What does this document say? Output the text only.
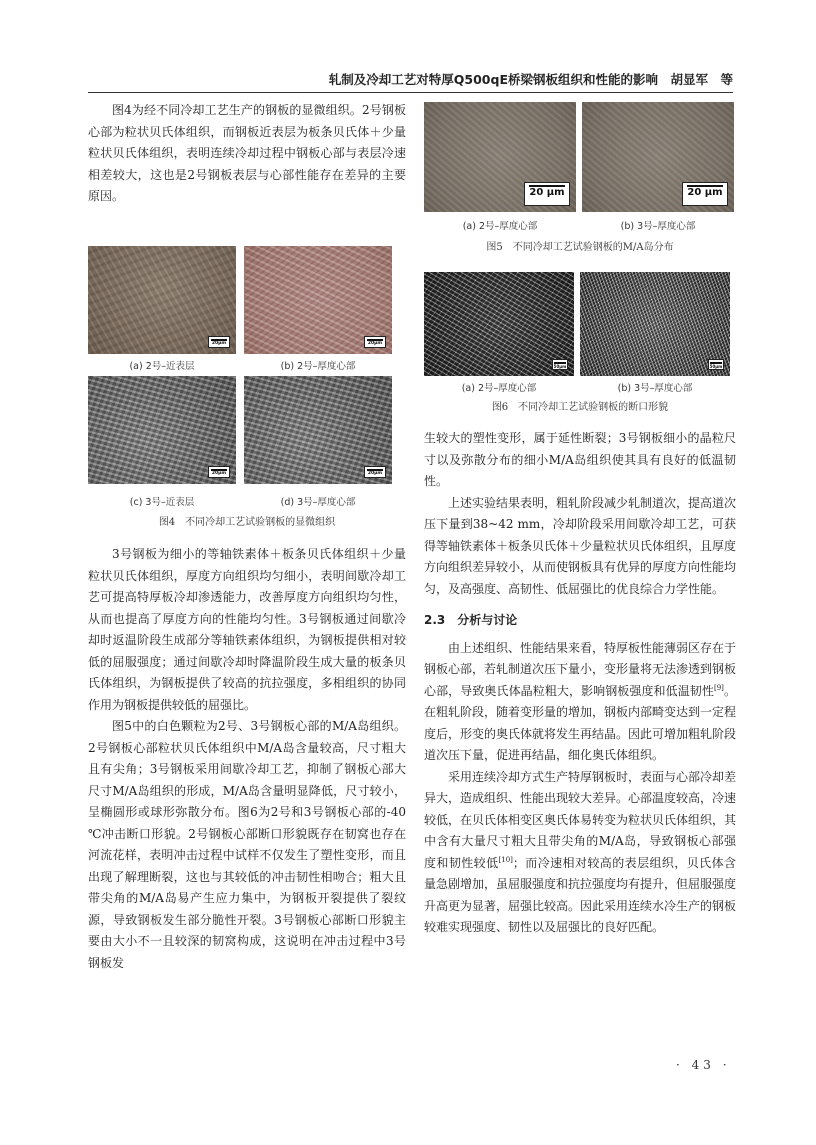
轧制及冷却工艺对特厚Q500qE桥梁钢板组织和性能的影响　胡显军　等

图4为经不同冷却工艺生产的钢板的显微组织。2号钢板心部为粒状贝氏体组织，而钢板近表层为板条贝氏体＋少量粒状贝氏体组织，表明连续冷却过程中钢板心部与表层冷速相差较大，这也是2号钢板表层与心部性能存在差异的主要原因。

20μm	20μm
(a) 2号–近表层	(b) 2号–厚度心部
20μm	20μm
(c) 3号–近表层	(d) 3号–厚度心部
图4　不同冷却工艺试验钢板的显微组织

3号钢板为细小的等轴铁素体＋板条贝氏体组织＋少量粒状贝氏体组织，厚度方向组织均匀细小，表明间歇冷却工艺可提高特厚板冷却渗透能力，改善厚度方向组织均匀性，从而也提高了厚度方向的性能均匀性。3号钢板通过间歇冷却时返温阶段生成部分等轴铁素体组织，为钢板提供相对较低的屈服强度；通过间歇冷却时降温阶段生成大量的板条贝氏体组织，为钢板提供了较高的抗拉强度，多相组织的协同作用为钢板提供较低的屈强比。

图5中的白色颗粒为2号、3号钢板心部的M/A岛组织。2号钢板心部粒状贝氏体组织中M/A岛含量较高，尺寸粗大且有尖角；3号钢板采用间歇冷却工艺，抑制了钢板心部大尺寸M/A岛组织的形成，M/A岛含量明显降低，尺寸较小，呈椭圆形或球形弥散分布。图6为2号和3号钢板心部的-40 ℃冲击断口形貌。2号钢板心部断口形貌既存在韧窝也存在河流花样，表明冲击过程中试样不仅发生了塑性变形，而且出现了解理断裂，这也与其较低的冲击韧性相吻合；粗大且带尖角的M/A岛易产生应力集中，为钢板开裂提供了裂纹源，导致钢板发生部分脆性开裂。3号钢板心部断口形貌主要由大小不一且较深的韧窝构成，这说明在冲击过程中3号钢板发

20 μm	20 μm
(a) 2号–厚度心部	(b) 3号–厚度心部
图5　不同冷却工艺试验钢板的M/A岛分布
50μm	50μm
(a) 2号–厚度心部	(b) 3号–厚度心部
图6　不同冷却工艺试验钢板的断口形貌

生较大的塑性变形，属于延性断裂；3号钢板细小的晶粒尺寸以及弥散分布的细小M/A岛组织使其具有良好的低温韧性。

上述实验结果表明，粗轧阶段减少轧制道次，提高道次压下量到38~42 mm，冷却阶段采用间歇冷却工艺，可获得等轴铁素体＋板条贝氏体＋少量粒状贝氏体组织，且厚度方向组织差异较小，从而使钢板具有优异的厚度方向性能均匀，及高强度、高韧性、低屈强比的优良综合力学性能。

2.3　分析与讨论

由上述组织、性能结果来看，特厚板性能薄弱区存在于钢板心部，若轧制道次压下量小，变形量将无法渗透到钢板心部，导致奥氏体晶粒粗大，影响钢板强度和低温韧性[9]。在粗轧阶段，随着变形量的增加，钢板内部畸变达到一定程度后，形变的奥氏体就将发生再结晶。因此可增加粗轧阶段道次压下量，促进再结晶，细化奥氏体组织。

采用连续冷却方式生产特厚钢板时，表面与心部冷却差异大，造成组织、性能出现较大差异。心部温度较高，冷速较低，在贝氏体相变区奥氏体易转变为粒状贝氏体组织，其中含有大量尺寸粗大且带尖角的M/A岛，导致钢板心部强度和韧性较低[10]；而冷速相对较高的表层组织，贝氏体含量急剧增加，虽屈服强度和抗拉强度均有提升，但屈服强度升高更为显著，屈强比较高。因此采用连续水冷生产的钢板较难实现强度、韧性以及屈强比的良好匹配。

· 43 ·
